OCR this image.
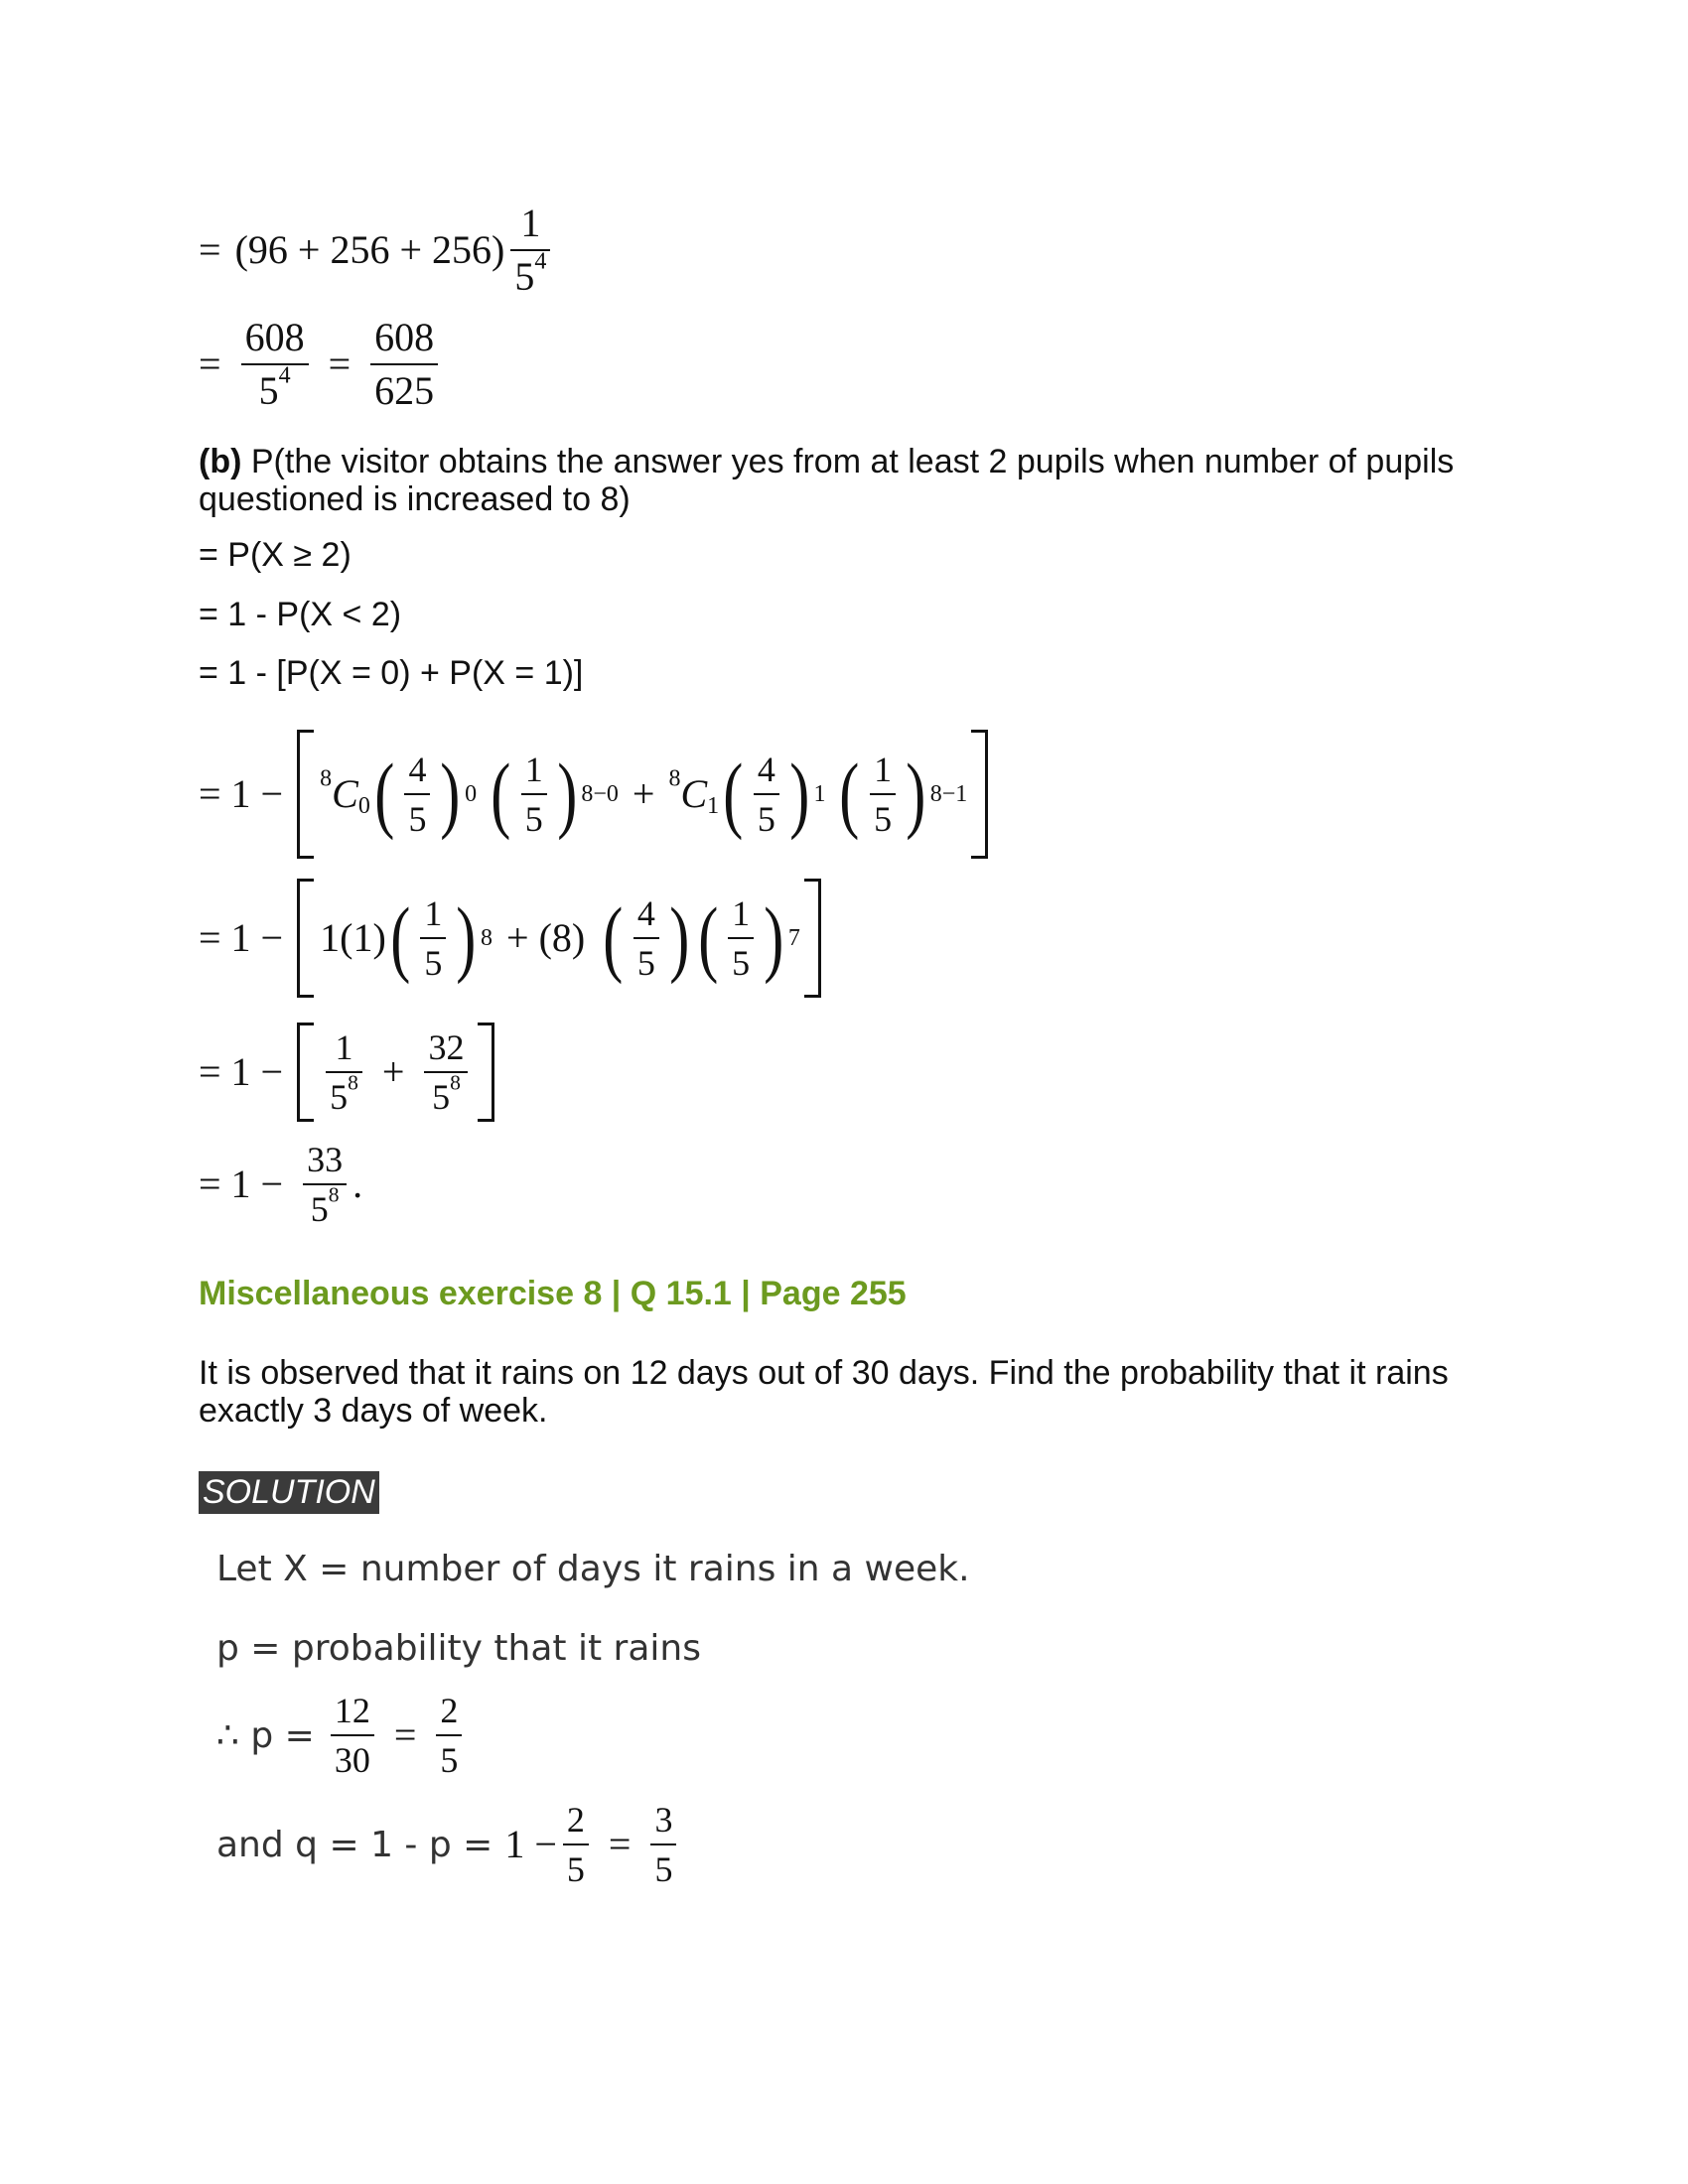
= $(96 + 256 + 256) \frac{1}{5^4}$
= $\frac{608}{5^4} = \frac{608}{625}$
(b) P(the visitor obtains the answer yes from at least 2 pupils when number of pupils questioned is increased to 8)
= P(X ≥ 2)
= 1 - P(X < 2)
= 1 - [P(X = 0) + P(X = 1)]
= $1 - ^8C_0$ ( $\frac{4}{5}$ ) 0 ( $\frac{1}{5}$ ) $8-0 + ^8C_1$ ( $\frac{4}{5}$ ) 1 ( $\frac{1}{5}$ ) 8−1
= 1 − 1(1) ( $\frac{1}{5}$ ) 8 + (8) ( $\frac{4}{5}$ ) ( $\frac{1}{5}$ ) 7
= $1 - \frac{1}{5^8} + \frac{32}{5^8}$
= $1 - \frac{33}{5^8}$ .
Miscellaneous exercise 8 | Q 15.1 | Page 255
It is observed that it rains on 12 days out of 30 days. Find the probability that it rains exactly 3 days of week.
SOLUTION
Let X = number of days it rains in a week.
p = probability that it rains
∴ $p = \frac{12}{30} = \frac{2}{5}$
and $q = 1 - p = 1 - \frac{2}{5} = \frac{3}{5}$
